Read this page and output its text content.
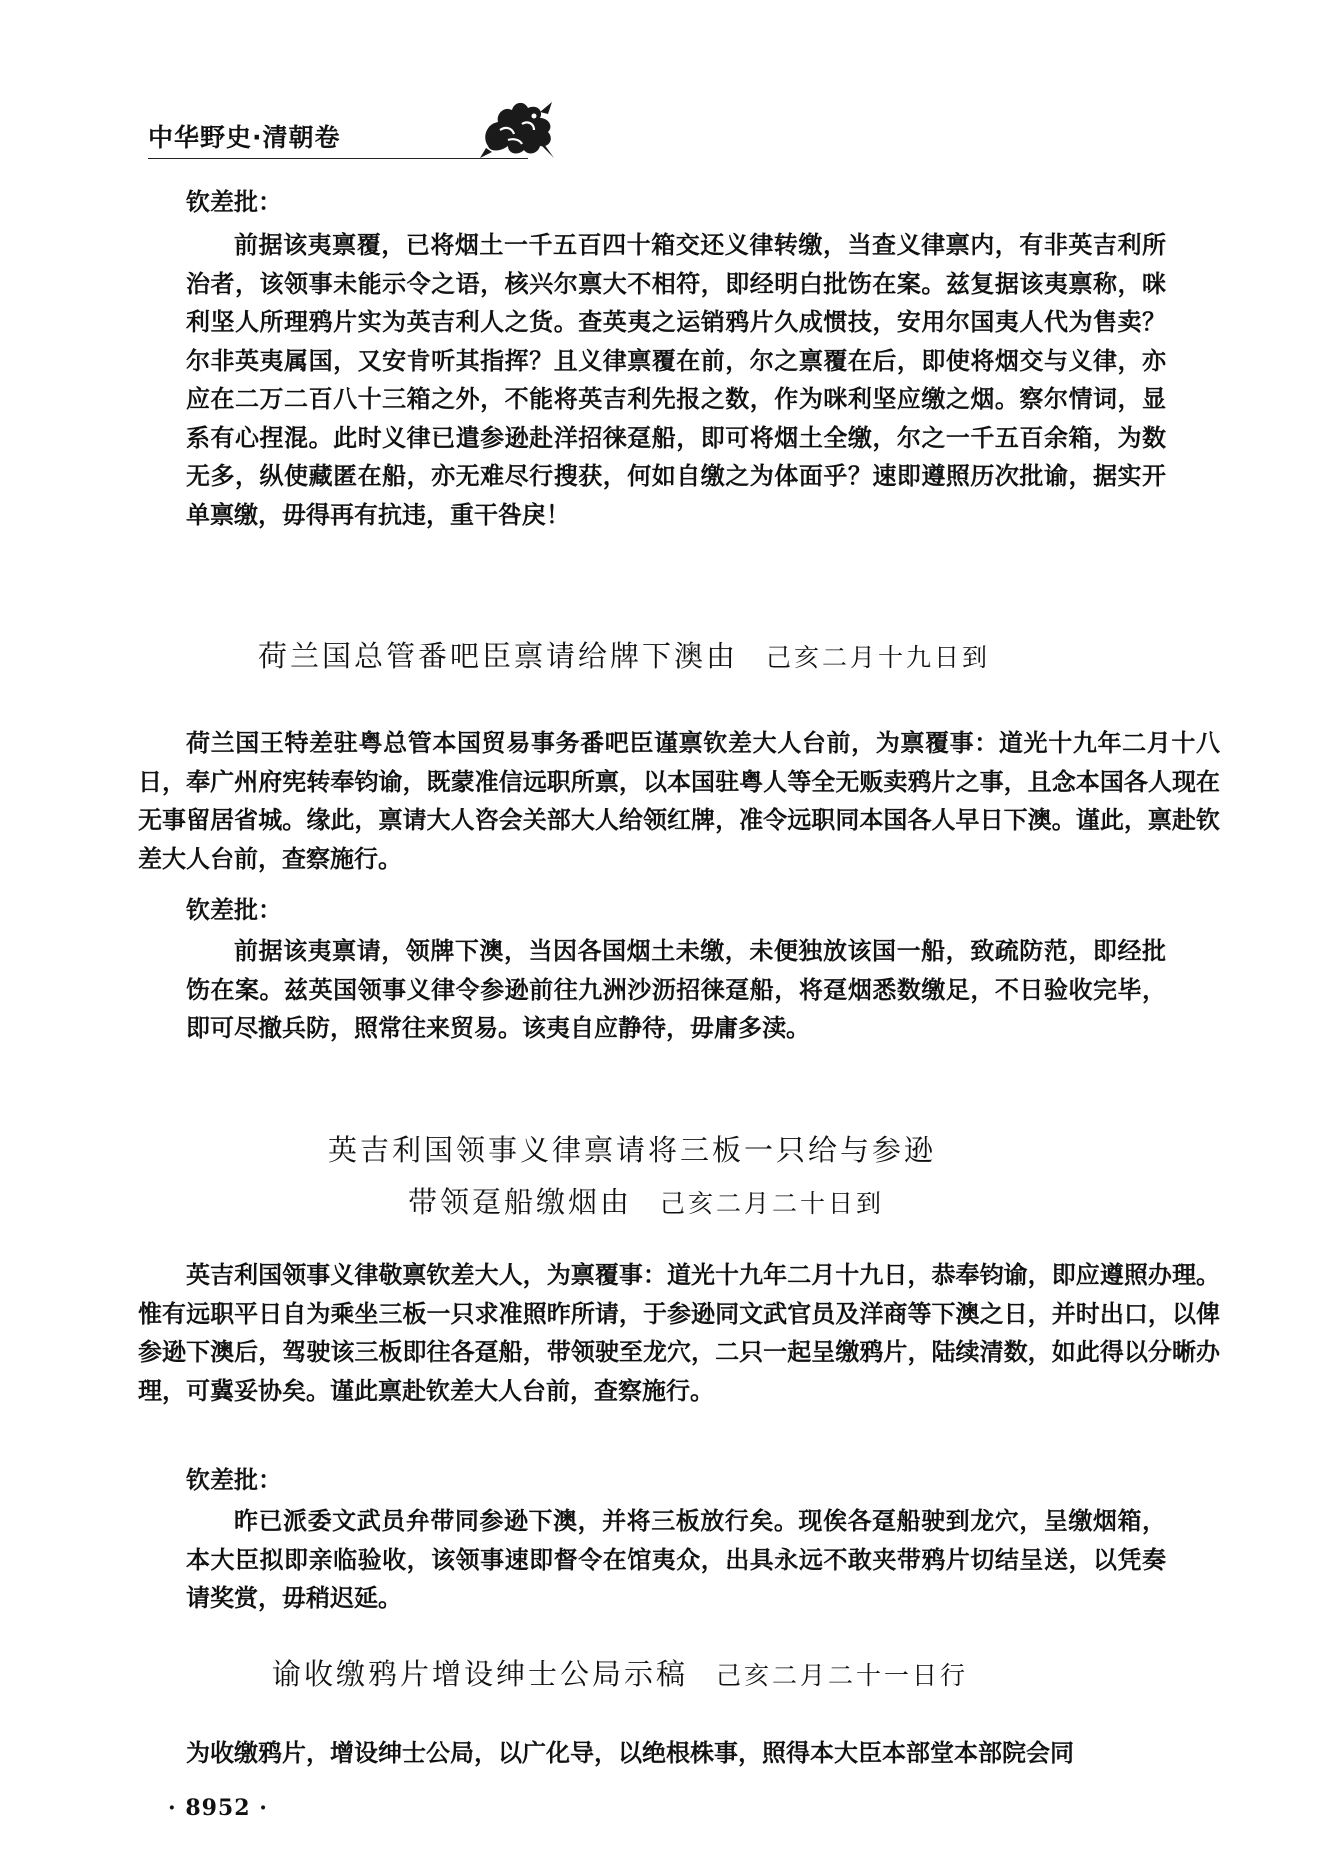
中华野史·清朝卷
钦差批：

前据该夷禀覆，已将烟土一千五百四十箱交还义律转缴，当查义律禀内，有非英吉利所治者，该领事未能示令之语，核兴尔禀大不相符，即经明白批饬在案。兹复据该夷禀称，咪利坚人所理鸦片实为英吉利人之货。查英夷之运销鸦片久成惯技，安用尔国夷人代为售卖？尔非英夷属国，又安肯听其指挥？且义律禀覆在前，尔之禀覆在后，即使将烟交与义律，亦应在二万二百八十三箱之外，不能将英吉利先报之数，作为咪利坚应缴之烟。察尔情词，显系有心捏混。此时义律已遣参逊赴洋招徕趸船，即可将烟土全缴，尔之一千五百余箱，为数无多，纵使藏匿在船，亦无难尽行搜获，何如自缴之为体面乎？速即遵照历次批谕，据实开单禀缴，毋得再有抗违，重干咎戾！

荷兰国总管番吧臣禀请给牌下澳由 己亥二月十九日到

荷兰国王特差驻粤总管本国贸易事务番吧臣谨禀钦差大人台前，为禀覆事：道光十九年二月十八日，奉广州府宪转奉钧谕，既蒙准信远职所禀，以本国驻粤人等全无贩卖鸦片之事，且念本国各人现在无事留居省城。缘此，禀请大人咨会关部大人给领红牌，准令远职同本国各人早日下澳。谨此，禀赴钦差大人台前，查察施行。

钦差批：

前据该夷禀请，领牌下澳，当因各国烟土未缴，未便独放该国一船，致疏防范，即经批饬在案。兹英国领事义律令参逊前往九洲沙沥招徕趸船，将趸烟悉数缴足，不日验收完毕，即可尽撤兵防，照常往来贸易。该夷自应静待，毋庸多渎。

英吉利国领事义律禀请将三板一只给与参逊
带领趸船缴烟由 己亥二月二十日到

英吉利国领事义律敬禀钦差大人，为禀覆事：道光十九年二月十九日，恭奉钧谕，即应遵照办理。惟有远职平日自为乘坐三板一只求准照昨所请，于参逊同文武官员及洋商等下澳之日，并时出口，以俾参逊下澳后，驾驶该三板即往各趸船，带领驶至龙穴，二只一起呈缴鸦片，陆续清数，如此得以分晰办理，可冀妥协矣。谨此禀赴钦差大人台前，查察施行。

钦差批：

昨已派委文武员弁带同参逊下澳，并将三板放行矣。现俟各趸船驶到龙穴，呈缴烟箱，本大臣拟即亲临验收，该领事速即督令在馆夷众，出具永远不敢夹带鸦片切结呈送，以凭奏请奖赏，毋稍迟延。

谕收缴鸦片增设绅士公局示稿 己亥二月二十一日行

为收缴鸦片，增设绅士公局，以广化导，以绝根株事，照得本大臣本部堂本部院会同

· 8952 ·
